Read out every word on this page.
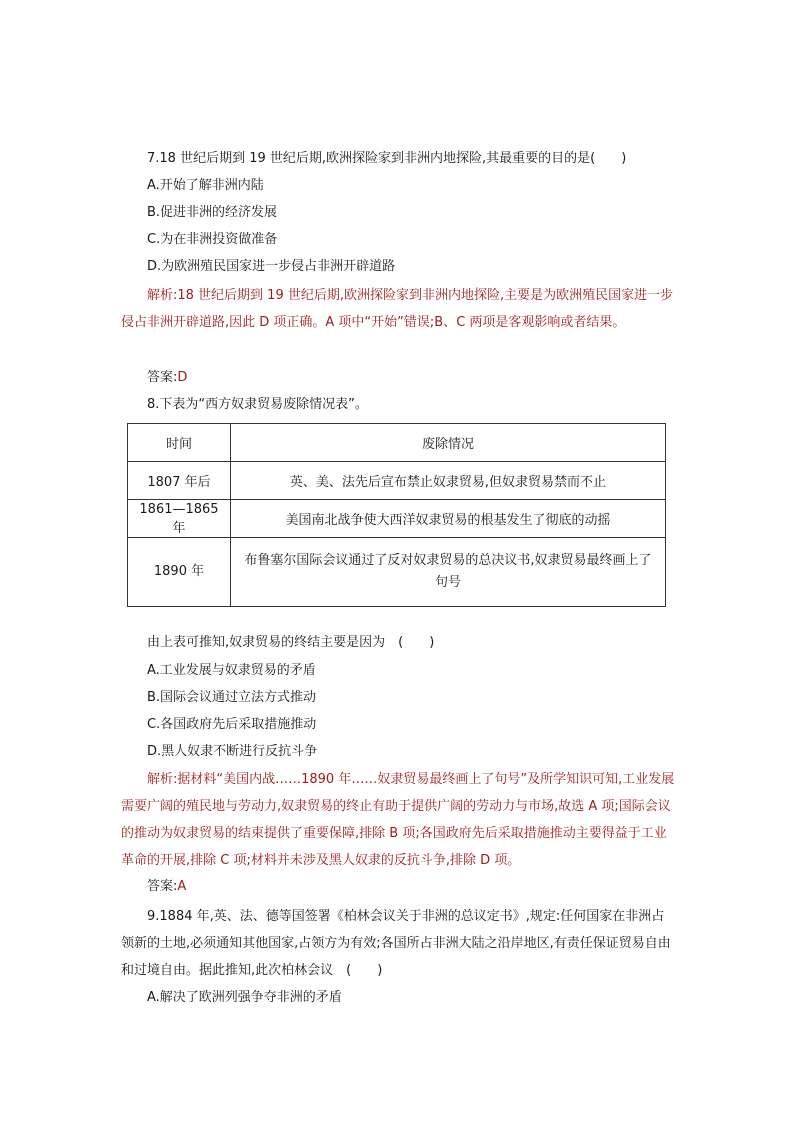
7.18 世纪后期到 19 世纪后期,欧洲探险家到非洲内地探险,其最重要的目的是(　　)
A.开始了解非洲内陆
B.促进非洲的经济发展
C.为在非洲投资做准备
D.为欧洲殖民国家进一步侵占非洲开辟道路
解析:18 世纪后期到 19 世纪后期,欧洲探险家到非洲内地探险,主要是为欧洲殖民国家进一步侵占非洲开辟道路,因此 D 项正确。A 项中“开始”错误;B、C 两项是客观影响或者结果。
答案:D
8.下表为“西方奴隶贸易废除情况表”。
时间	废除情况
1807 年后	英、美、法先后宣布禁止奴隶贸易,但奴隶贸易禁而不止
1861—1865 年	美国南北战争使大西洋奴隶贸易的根基发生了彻底的动摇
1890 年	布鲁塞尔国际会议通过了反对奴隶贸易的总决议书,奴隶贸易最终画上了句号
由上表可推知,奴隶贸易的终结主要是因为　(　　)
A.工业发展与奴隶贸易的矛盾
B.国际会议通过立法方式推动
C.各国政府先后采取措施推动
D.黑人奴隶不断进行反抗斗争
解析:据材料“美国内战……1890 年……奴隶贸易最终画上了句号”及所学知识可知,工业发展需要广阔的殖民地与劳动力,奴隶贸易的终止有助于提供广阔的劳动力与市场,故选 A 项;国际会议的推动为奴隶贸易的结束提供了重要保障,排除 B 项;各国政府先后采取措施推动主要得益于工业革命的开展,排除 C 项;材料并未涉及黑人奴隶的反抗斗争,排除 D 项。
答案:A
9.1884 年,英、法、德等国签署《柏林会议关于非洲的总议定书》,规定:任何国家在非洲占领新的土地,必须通知其他国家,占领方为有效;各国所占非洲大陆之沿岸地区,有责任保证贸易自由和过境自由。据此推知,此次柏林会议　(　　)
A.解决了欧洲列强争夺非洲的矛盾
